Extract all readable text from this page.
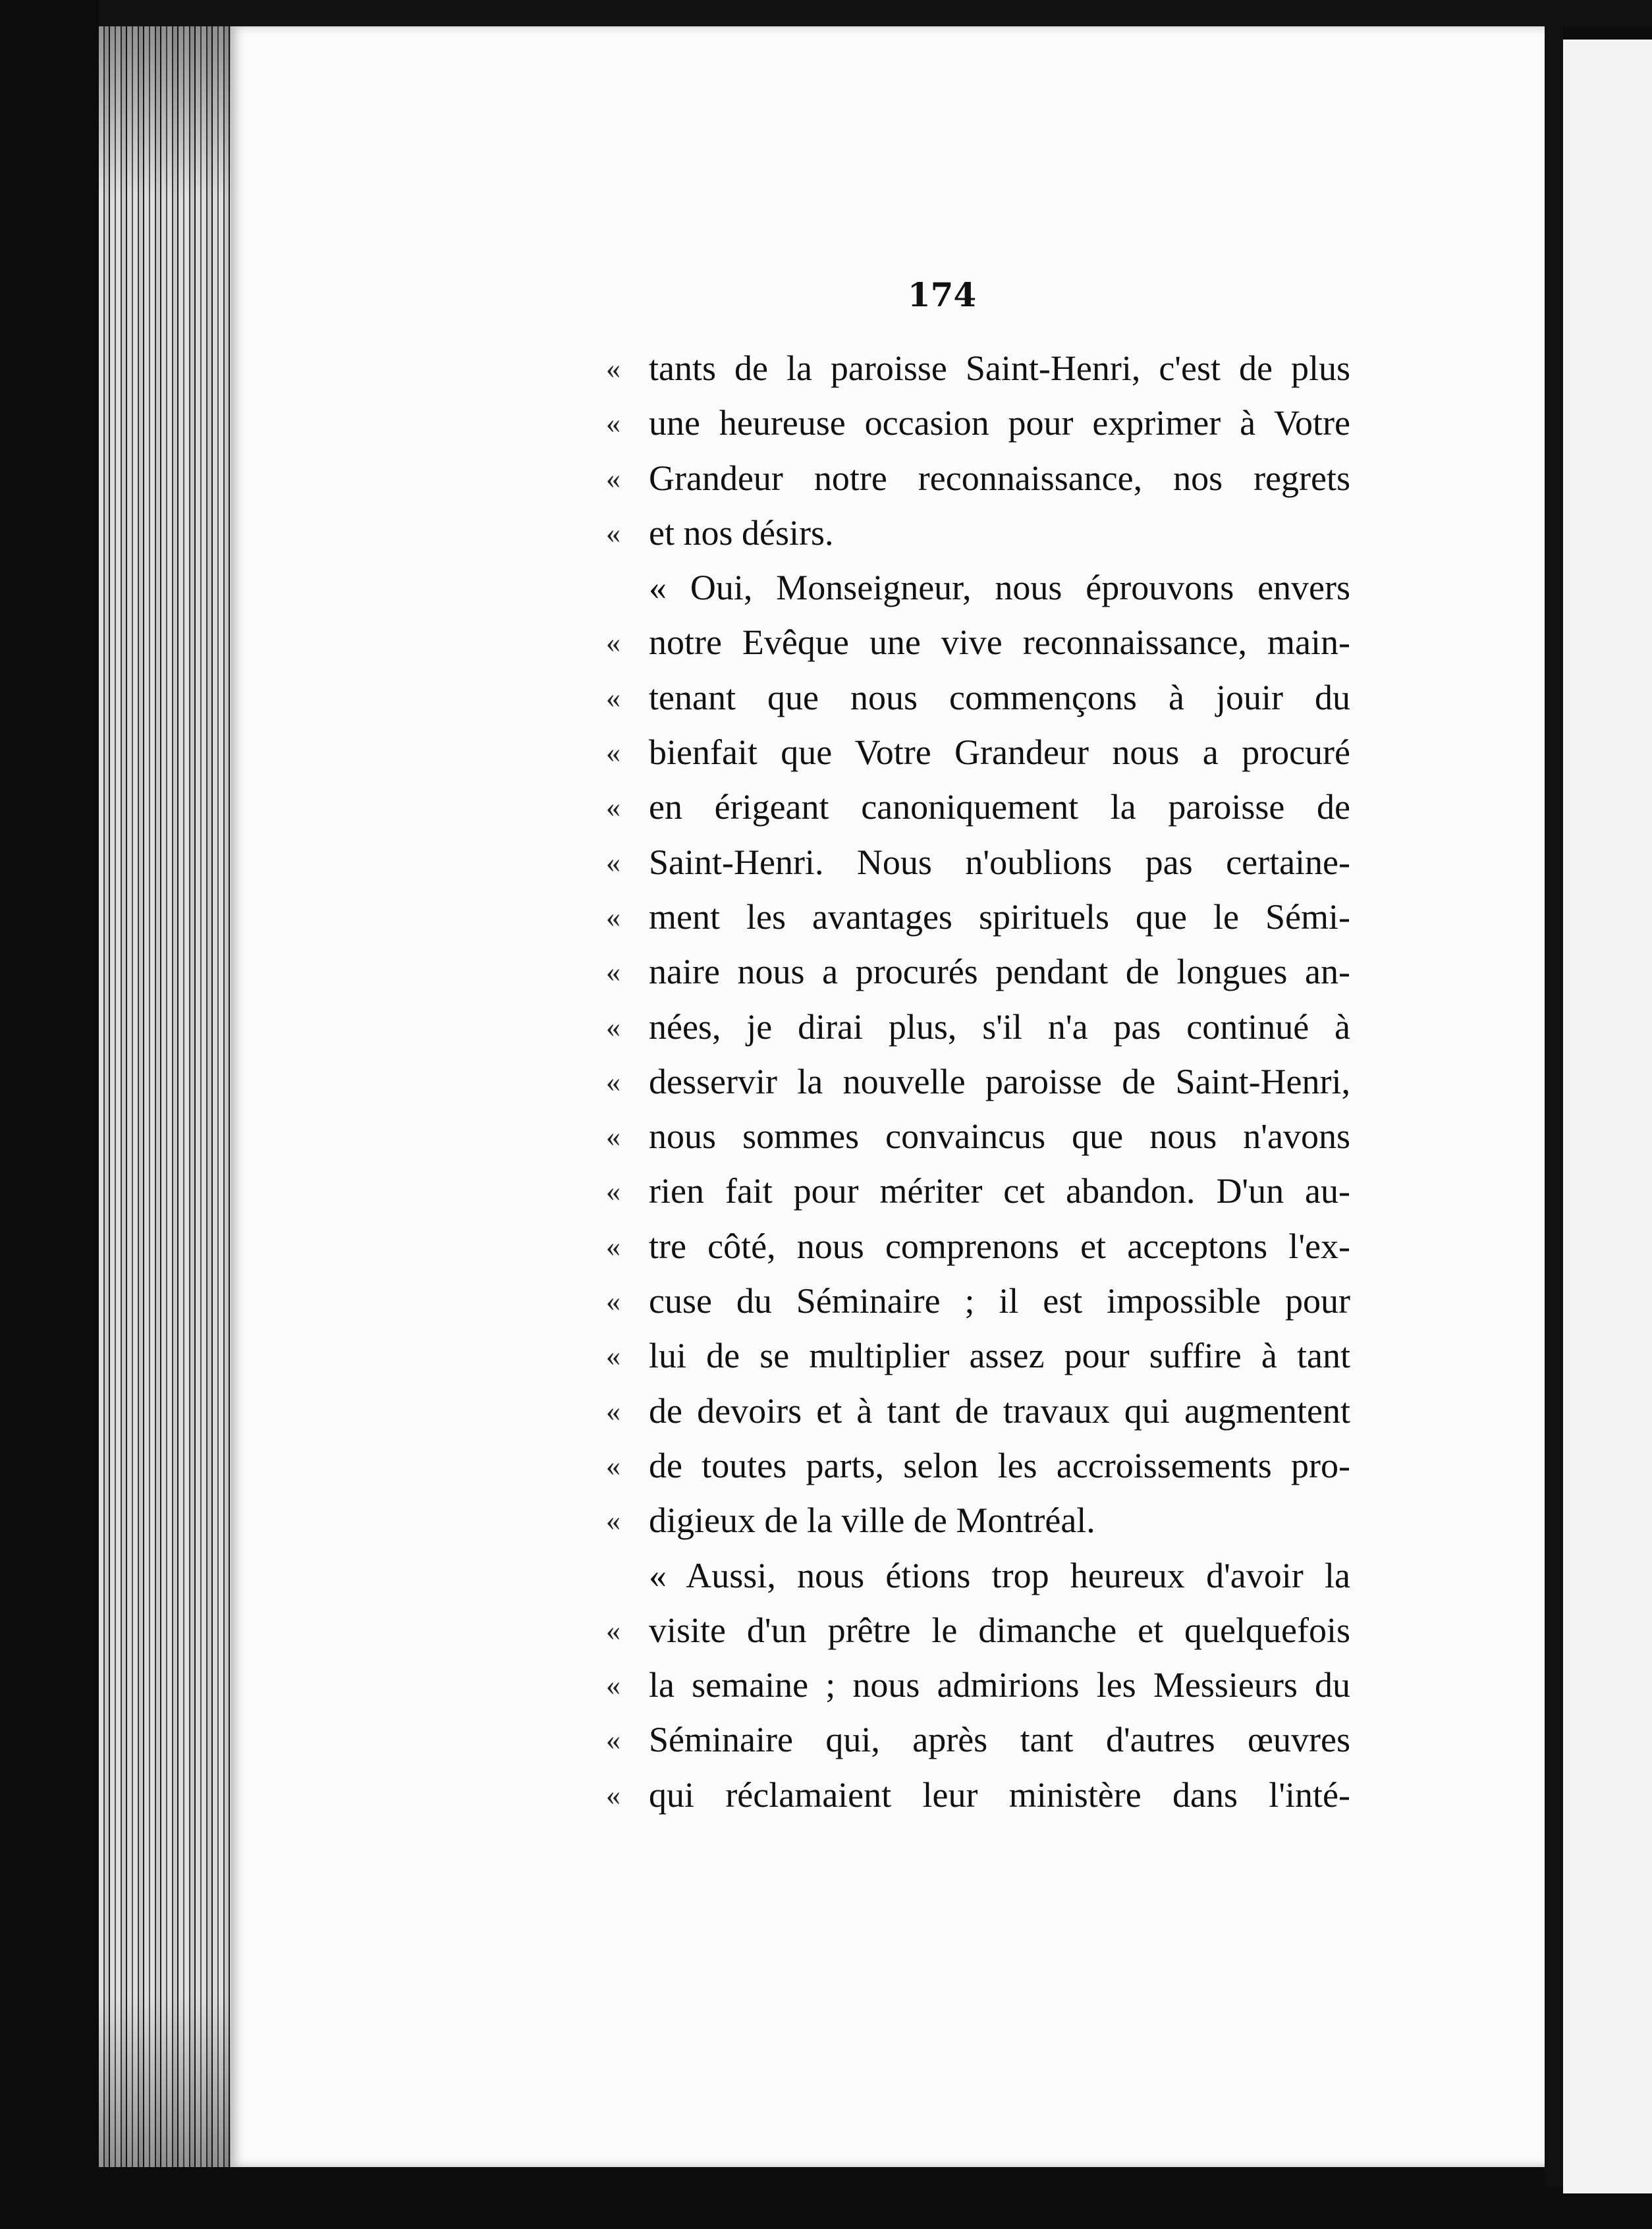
174
« tants de la paroisse Saint-Henri, c'est de plus
« une heureuse occasion pour exprimer à Votre
« Grandeur notre reconnaissance, nos regrets
« et nos désirs.
« Oui, Monseigneur, nous éprouvons envers
« notre Evêque une vive reconnaissance, main-
« tenant que nous commençons à jouir du
« bienfait que Votre Grandeur nous a procuré
« en érigeant canoniquement la paroisse de
« Saint-Henri. Nous n'oublions pas certaine-
« ment les avantages spirituels que le Sémi-
« naire nous a procurés pendant de longues an-
« nées, je dirai plus, s'il n'a pas continué à
« desservir la nouvelle paroisse de Saint-Henri,
« nous sommes convaincus que nous n'avons
« rien fait pour mériter cet abandon. D'un au-
« tre côté, nous comprenons et acceptons l'ex-
« cuse du Séminaire ; il est impossible pour
« lui de se multiplier assez pour suffire à tant
« de devoirs et à tant de travaux qui augmentent
« de toutes parts, selon les accroissements pro-
« digieux de la ville de Montréal.
« Aussi, nous étions trop heureux d'avoir la
« visite d'un prêtre le dimanche et quelquefois
« la semaine ; nous admirions les Messieurs du
« Séminaire qui, après tant d'autres œuvres
« qui réclamaient leur ministère dans l'inté-
